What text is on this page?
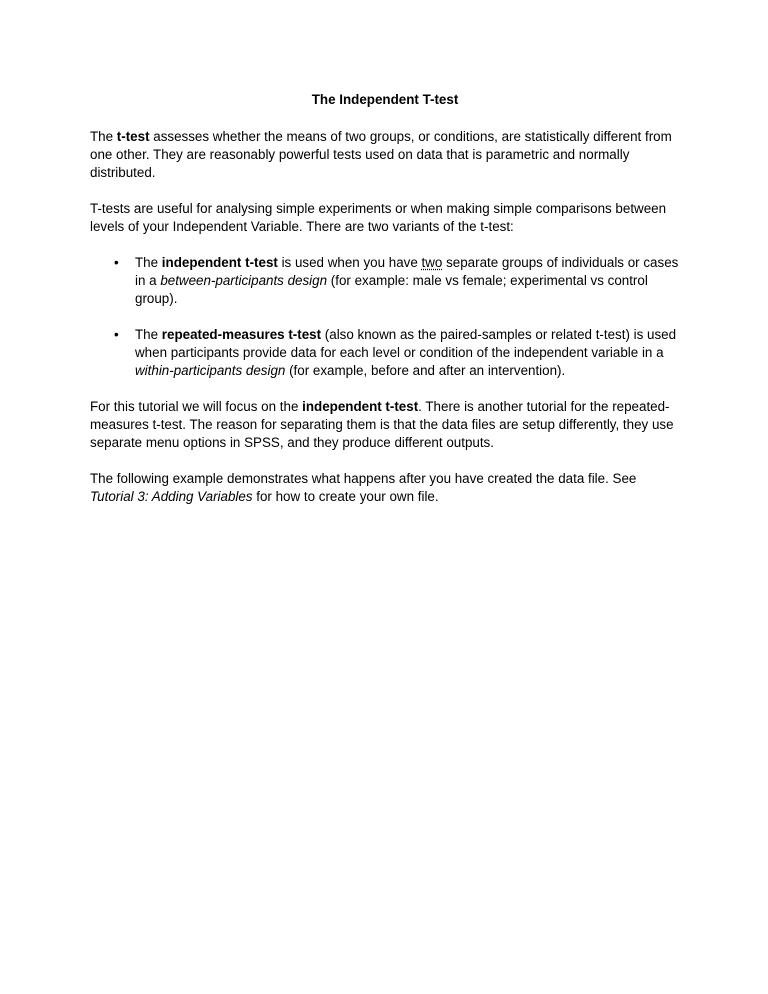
The Independent T-test

The t-test assesses whether the means of two groups, or conditions, are statistically different from one other. They are reasonably powerful tests used on data that is parametric and normally distributed.

T-tests are useful for analysing simple experiments or when making simple comparisons between levels of your Independent Variable. There are two variants of the t-test:

• The independent t-test is used when you have two separate groups of individuals or cases in a between-participants design (for example: male vs female; experimental vs control group).
• The repeated-measures t-test (also known as the paired-samples or related t-test) is used when participants provide data for each level or condition of the independent variable in a within-participants design (for example, before and after an intervention).

For this tutorial we will focus on the independent t-test. There is another tutorial for the repeated-measures t-test. The reason for separating them is that the data files are setup differently, they use separate menu options in SPSS, and they produce different outputs.

The following example demonstrates what happens after you have created the data file. See Tutorial 3: Adding Variables for how to create your own file.
